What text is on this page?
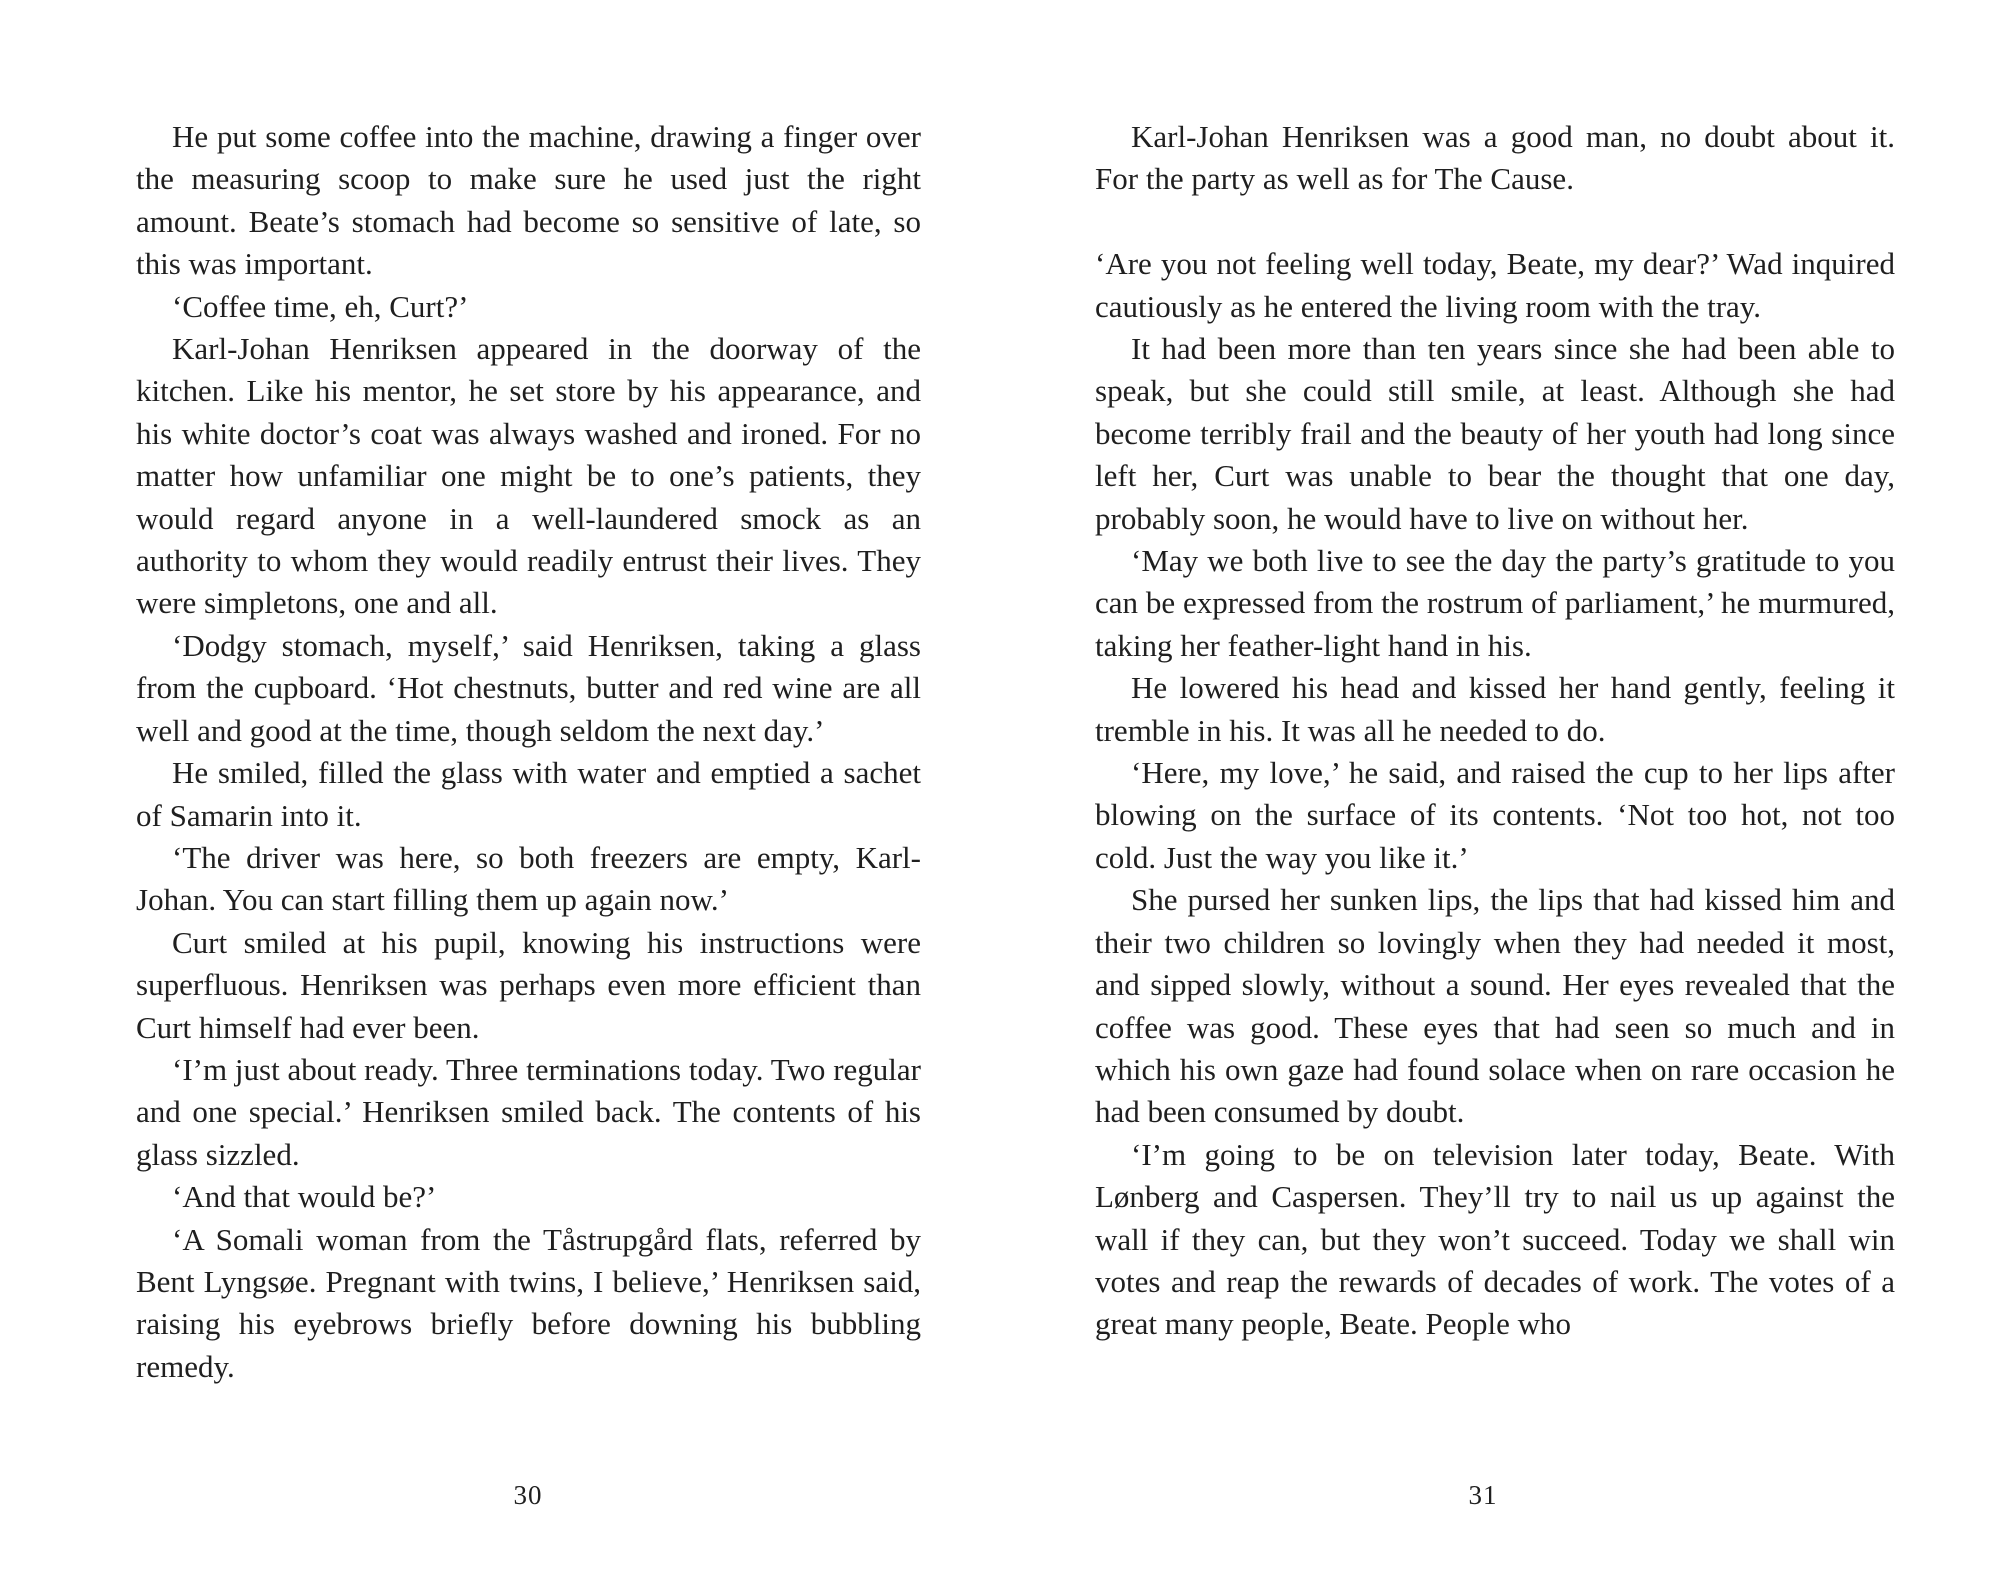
He put some coffee into the machine, drawing a finger over the measuring scoop to make sure he used just the right amount. Beate’s stomach had become so sensitive of late, so this was important.

‘Coffee time, eh, Curt?’

Karl-Johan Henriksen appeared in the doorway of the kitchen. Like his mentor, he set store by his appearance, and his white doctor’s coat was always washed and ironed. For no matter how unfamiliar one might be to one’s patients, they would regard anyone in a well-laundered smock as an authority to whom they would readily entrust their lives. They were simpletons, one and all.

‘Dodgy stomach, myself,’ said Henriksen, taking a glass from the cupboard. ‘Hot chestnuts, butter and red wine are all well and good at the time, though seldom the next day.’

He smiled, filled the glass with water and emptied a sachet of Samarin into it.

‘The driver was here, so both freezers are empty, Karl-Johan. You can start filling them up again now.’

Curt smiled at his pupil, knowing his instructions were superfluous. Henriksen was perhaps even more efficient than Curt himself had ever been.

‘I’m just about ready. Three terminations today. Two regular and one special.’ Henriksen smiled back. The contents of his glass sizzled.

‘And that would be?’

‘A Somali woman from the Tåstrupgård flats, referred by Bent Lyngsøe. Pregnant with twins, I believe,’ Henriksen said, raising his eyebrows briefly before downing his bubbling remedy.

30

Karl-Johan Henriksen was a good man, no doubt about it. For the party as well as for The Cause.

‘Are you not feeling well today, Beate, my dear?’ Wad inquired cautiously as he entered the living room with the tray.

It had been more than ten years since she had been able to speak, but she could still smile, at least. Although she had become terribly frail and the beauty of her youth had long since left her, Curt was unable to bear the thought that one day, probably soon, he would have to live on without her.

‘May we both live to see the day the party’s gratitude to you can be expressed from the rostrum of parliament,’ he murmured, taking her feather-light hand in his.

He lowered his head and kissed her hand gently, feeling it tremble in his. It was all he needed to do.

‘Here, my love,’ he said, and raised the cup to her lips after blowing on the surface of its contents. ‘Not too hot, not too cold. Just the way you like it.’

She pursed her sunken lips, the lips that had kissed him and their two children so lovingly when they had needed it most, and sipped slowly, without a sound. Her eyes revealed that the coffee was good. These eyes that had seen so much and in which his own gaze had found solace when on rare occasion he had been consumed by doubt.

‘I’m going to be on television later today, Beate. With Lønberg and Caspersen. They’ll try to nail us up against the wall if they can, but they won’t succeed. Today we shall win votes and reap the rewards of decades of work. The votes of a great many people, Beate. People who

31
